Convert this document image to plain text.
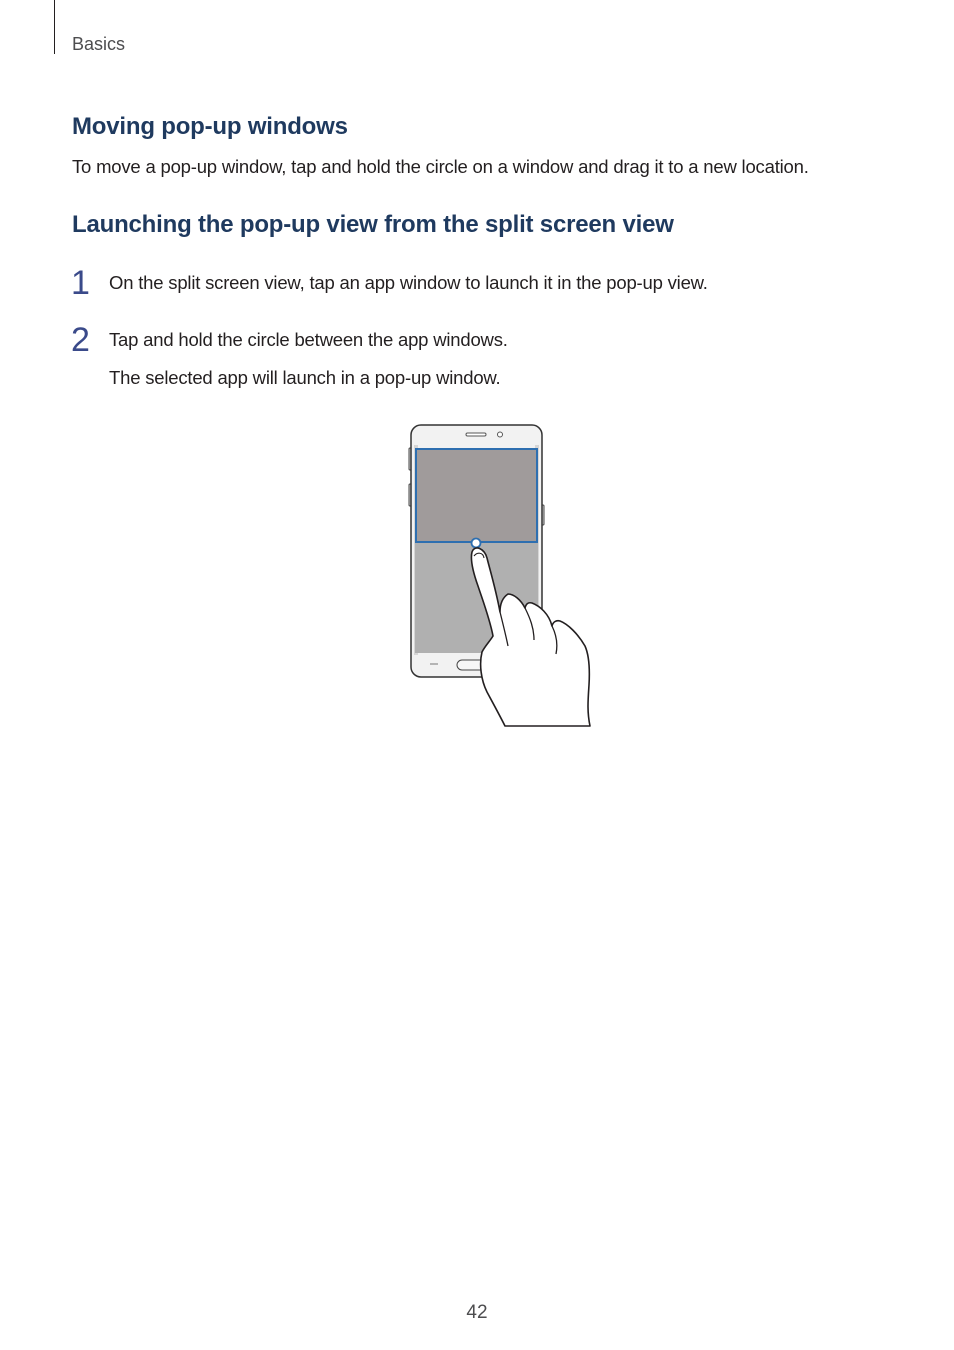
Basics
Moving pop-up windows
To move a pop-up window, tap and hold the circle on a window and drag it to a new location.
Launching the pop-up view from the split screen view
1 On the split screen view, tap an app window to launch it in the pop-up view.
2 Tap and hold the circle between the app windows.
The selected app will launch in a pop-up window.
42
